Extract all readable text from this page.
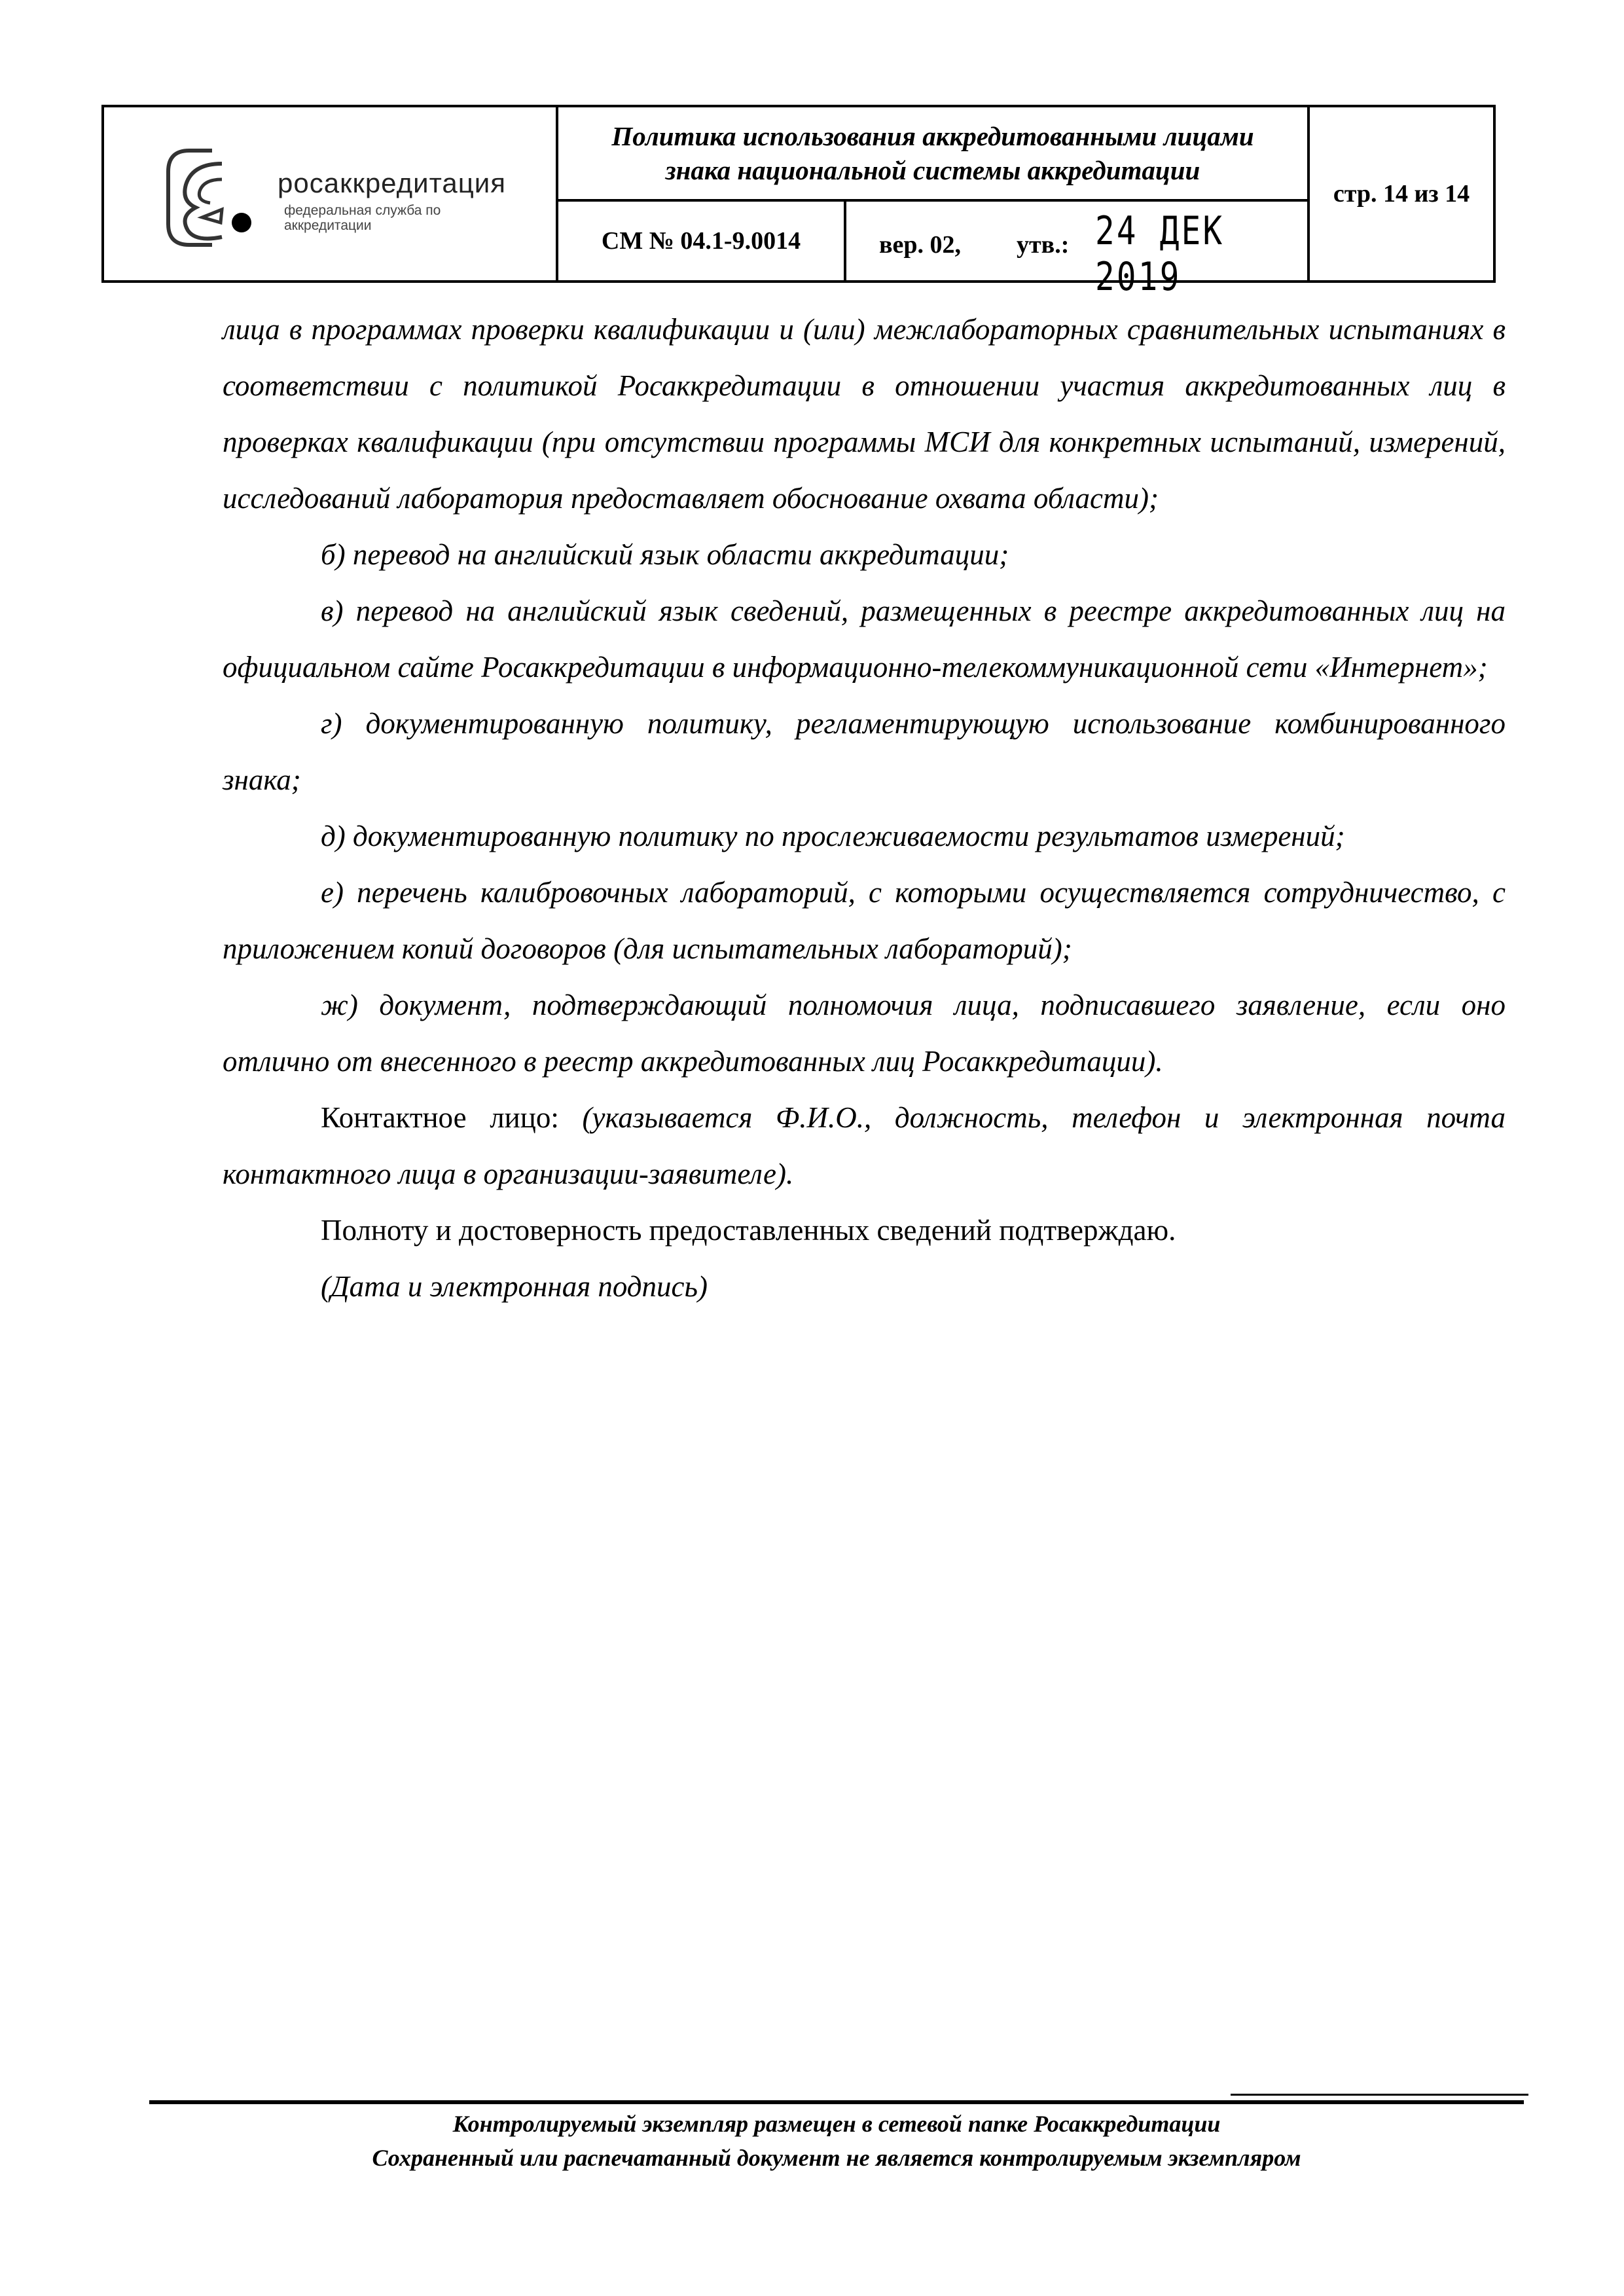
росаккредитация
федеральная служба по аккредитации
Политика использования аккредитованными лицами
знака национальной системы аккредитации
СМ № 04.1-9.0014	вер. 02, утв.: 24 ДЕК 2019
стр. 14 из 14

лица в программах проверки квалификации и (или) межлабораторных сравнительных испытаниях в соответствии с политикой Росаккредитации в отношении участия аккредитованных лиц в проверках квалификации (при отсутствии программы МСИ для конкретных испытаний, измерений, исследований лаборатория предоставляет обоснование охвата области);

б) перевод на английский язык области аккредитации;

в) перевод на английский язык сведений, размещенных в реестре аккредитованных лиц на официальном сайте Росаккредитации в информационно-телекоммуникационной сети «Интернет»;

г) документированную политику, регламентирующую использование комбинированного знака;

д) документированную политику по прослеживаемости результатов измерений;

е) перечень калибровочных лабораторий, с которыми осуществляется сотрудничество, с приложением копий договоров (для испытательных лабораторий);

ж) документ, подтверждающий полномочия лица, подписавшего заявление, если оно отлично от внесенного в реестр аккредитованных лиц Росаккредитации).

Контактное лицо: (указывается Ф.И.О., должность, телефон и электронная почта контактного лица в организации-заявителе).

Полноту и достоверность предоставленных сведений подтверждаю.

(Дата и электронная подпись)

Контролируемый экземпляр размещен в сетевой папке Росаккредитации
Сохраненный или распечатанный документ не является контролируемым экземпляром
